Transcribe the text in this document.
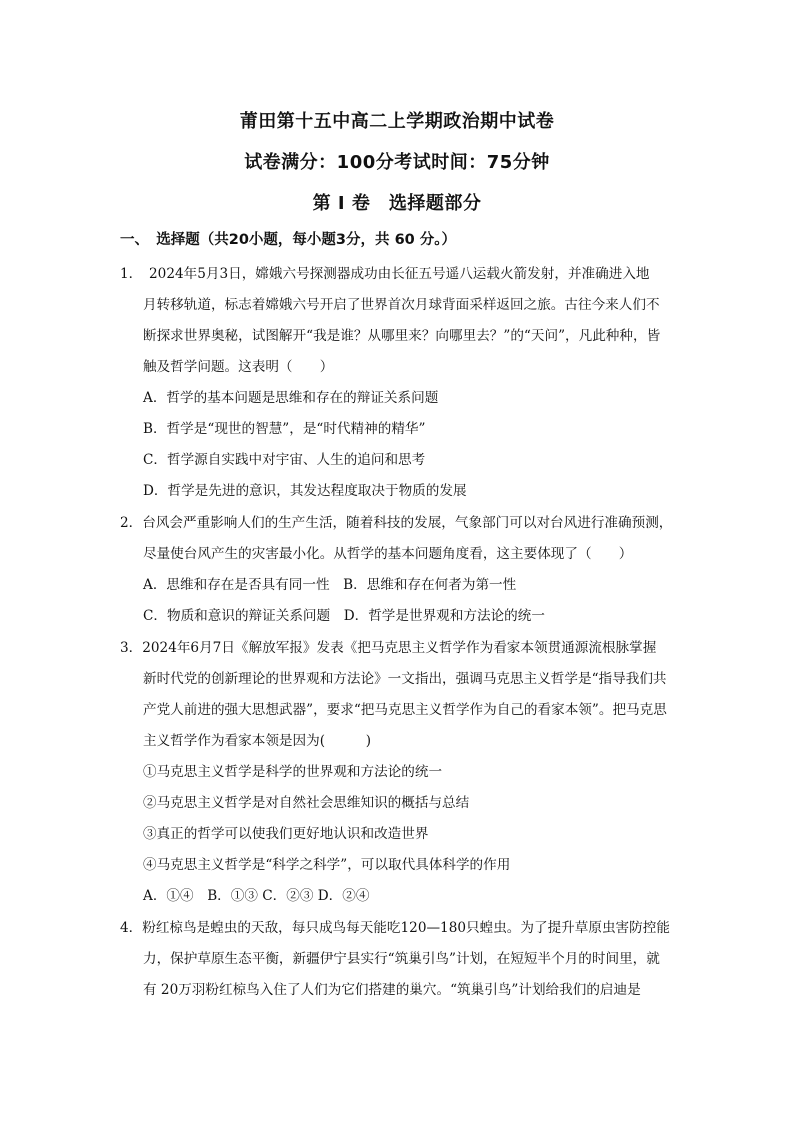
莆田第十五中高二上学期政治期中试卷
试卷满分：100分考试时间：75分钟
第 Ⅰ 卷　选择题部分
一、　选择题（共20小题，每小题3分，共 60 分。）
1．　2024年5月3日，嫦娥六号探测器成功由长征五号遥八运载火箭发射，并准确进入地
月转移轨道，标志着嫦娥六号开启了世界首次月球背面采样返回之旅。古往今来人们不
断探求世界奥秘，试图解开“我是谁？从哪里来？向哪里去？”的“天问”，凡此种种，皆
触及哲学问题。这表明（　　）
A．哲学的基本问题是思维和存在的辩证关系问题
B．哲学是“现世的智慧”，是“时代精神的精华”
C．哲学源自实践中对宇宙、人生的追问和思考
D．哲学是先进的意识，其发达程度取决于物质的发展
2．台风会严重影响人们的生产生活，随着科技的发展，气象部门可以对台风进行准确预测，
尽量使台风产生的灾害最小化。从哲学的基本问题角度看，这主要体现了（　　）
A．思维和存在是否具有同一性　B．思维和存在何者为第一性
C．物质和意识的辩证关系问题　D．哲学是世界观和方法论的统一
3．2024年6月7日《解放军报》发表《把马克思主义哲学作为看家本领贯通源流根脉掌握
新时代党的创新理论的世界观和方法论》一文指出，强调马克思主义哲学是“指导我们共
产党人前进的强大思想武器”，要求“把马克思主义哲学作为自己的看家本领”。把马克思
主义哲学作为看家本领是因为(　　　)
①马克思主义哲学是科学的世界观和方法论的统一
②马克思主义哲学是对自然社会思维知识的概括与总结
③真正的哲学可以使我们更好地认识和改造世界
④马克思主义哲学是“科学之科学”，可以取代具体科学的作用
A．①④　B．①③ C．②③ D．②④
4．粉红椋鸟是蝗虫的天敌，每只成鸟每天能吃120—180只蝗虫。为了提升草原虫害防控能
力，保护草原生态平衡，新疆伊宁县实行“筑巢引鸟”计划，在短短半个月的时间里，就
有 20万羽粉红椋鸟入住了人们为它们搭建的巢穴。“筑巢引鸟”计划给我们的启迪是
